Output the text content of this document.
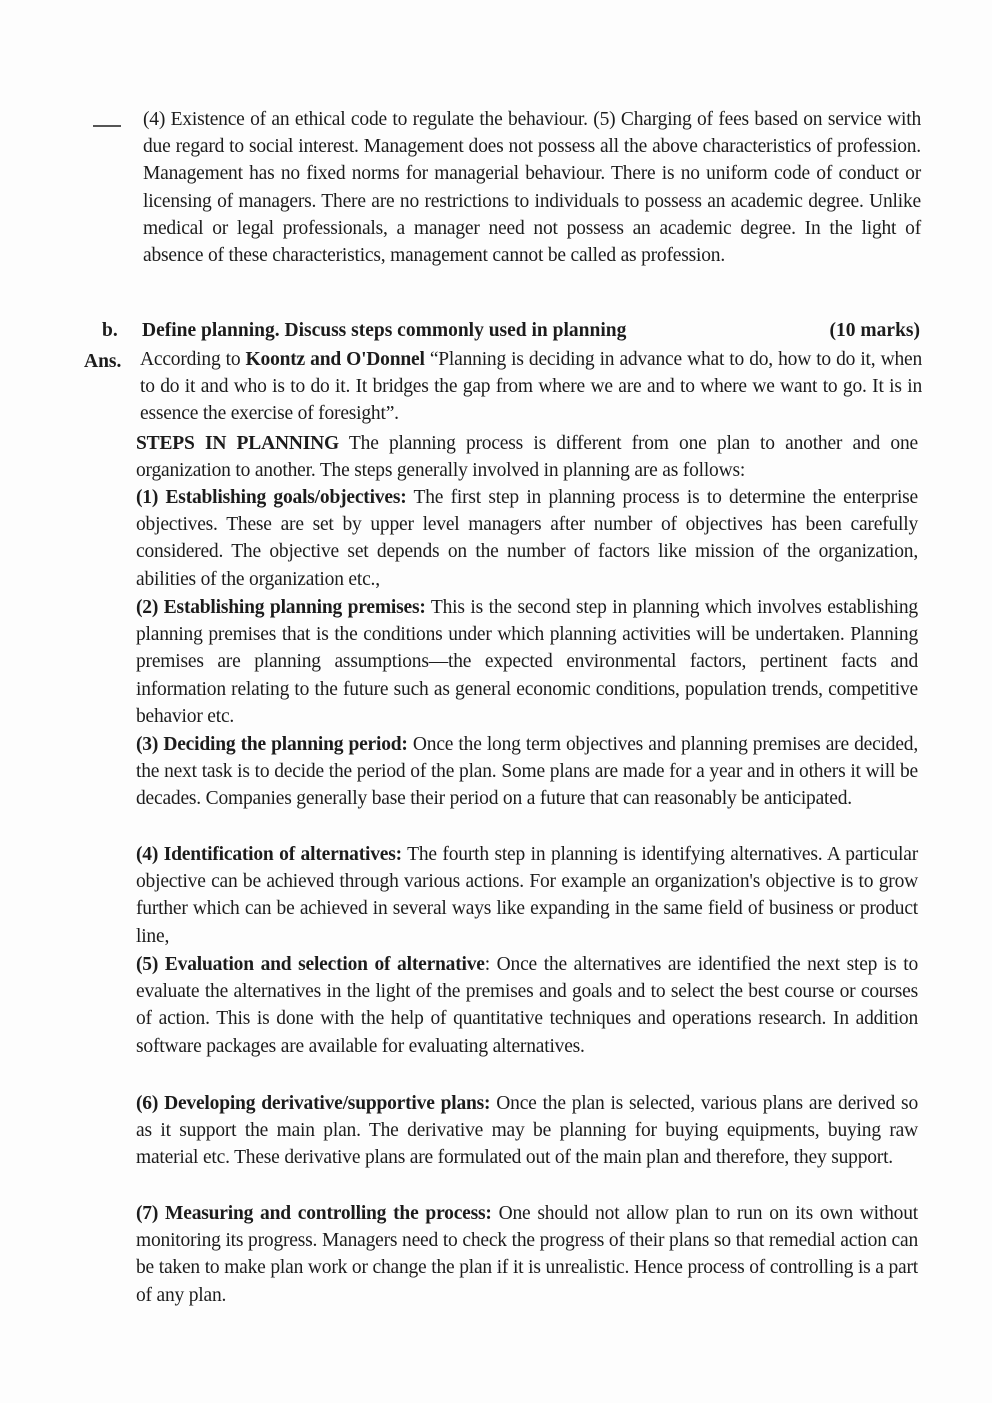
(4) Existence of an ethical code to regulate the behaviour. (5) Charging of fees based on service with due regard to social interest. Management does not possess all the above characteristics of profession. Management has no fixed norms for managerial behaviour. There is no uniform code of conduct or licensing of managers. There are no restrictions to individuals to possess an academic degree. Unlike medical or legal professionals, a manager need not possess an academic degree. In the light of absence of these characteristics, management cannot be called as profession.

b. Define planning. Discuss steps commonly used in planning	(10 marks)
Ans. According to Koontz and O'Donnel “Planning is deciding in advance what to do, how to do it, when to do it and who is to do it. It bridges the gap from where we are and to where we want to go. It is in essence the exercise of foresight”.

STEPS IN PLANNING The planning process is different from one plan to another and one organization to another. The steps generally involved in planning are as follows:

(1) Establishing goals/objectives: The first step in planning process is to determine the enterprise objectives. These are set by upper level managers after number of objectives has been carefully considered. The objective set depends on the number of factors like mission of the organization, abilities of the organization etc.,

(2) Establishing planning premises: This is the second step in planning which involves establishing planning premises that is the conditions under which planning activities will be undertaken. Planning premises are planning assumptions—the expected environmental factors, pertinent facts and information relating to the future such as general economic conditions, population trends, competitive behavior etc.

(3) Deciding the planning period: Once the long term objectives and planning premises are decided, the next task is to decide the period of the plan. Some plans are made for a year and in others it will be decades. Companies generally base their period on a future that can reasonably be anticipated.

(4) Identification of alternatives: The fourth step in planning is identifying alternatives. A particular objective can be achieved through various actions. For example an organization's objective is to grow further which can be achieved in several ways like expanding in the same field of business or product line,

(5) Evaluation and selection of alternative: Once the alternatives are identified the next step is to evaluate the alternatives in the light of the premises and goals and to select the best course or courses of action. This is done with the help of quantitative techniques and operations research. In addition software packages are available for evaluating alternatives.

(6) Developing derivative/supportive plans: Once the plan is selected, various plans are derived so as it support the main plan. The derivative may be planning for buying equipments, buying raw material etc. These derivative plans are formulated out of the main plan and therefore, they support.

(7) Measuring and controlling the process: One should not allow plan to run on its own without monitoring its progress. Managers need to check the progress of their plans so that remedial action can be taken to make plan work or change the plan if it is unrealistic. Hence process of controlling is a part of any plan.
